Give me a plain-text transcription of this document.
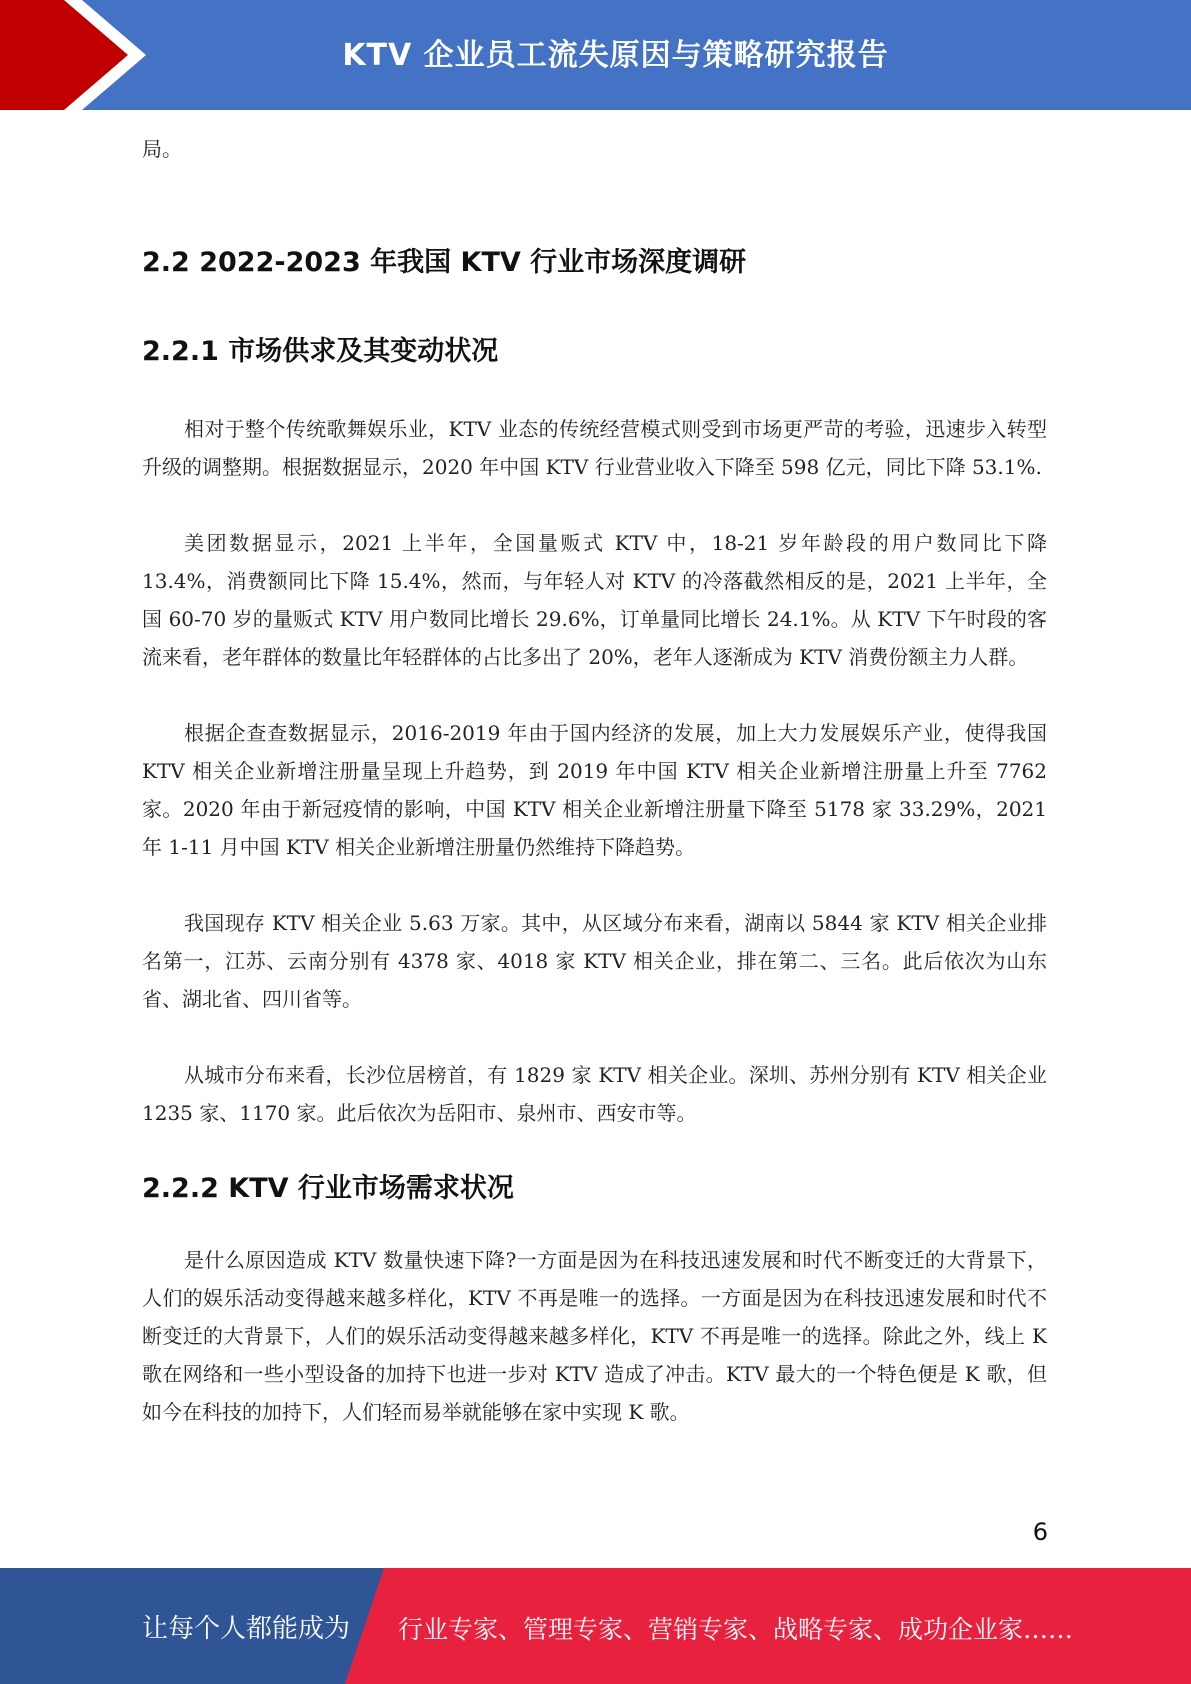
KTV 企业员工流失原因与策略研究报告

局。

2.2 2022-2023 年我国 KTV 行业市场深度调研
2.2.1 市场供求及其变动状况

相对于整个传统歌舞娱乐业，KTV 业态的传统经营模式则受到市场更严苛的考验，迅速步入转型升级的调整期。根据数据显示，2020 年中国 KTV 行业营业收入下降至 598 亿元，同比下降 53.1%.

美团数据显示，2021 上半年，全国量贩式 KTV 中，18-21 岁年龄段的用户数同比下降 13.4%，消费额同比下降 15.4%，然而，与年轻人对 KTV 的冷落截然相反的是，2021 上半年，全国 60-70 岁的量贩式 KTV 用户数同比增长 29.6%，订单量同比增长 24.1%。从 KTV 下午时段的客流来看，老年群体的数量比年轻群体的占比多出了 20%，老年人逐渐成为 KTV 消费份额主力人群。

根据企查查数据显示，2016-2019 年由于国内经济的发展，加上大力发展娱乐产业，使得我国 KTV 相关企业新增注册量呈现上升趋势，到 2019 年中国 KTV 相关企业新增注册量上升至 7762 家。2020 年由于新冠疫情的影响，中国 KTV 相关企业新增注册量下降至 5178 家 33.29%，2021 年 1-11 月中国 KTV 相关企业新增注册量仍然维持下降趋势。

我国现存 KTV 相关企业 5.63 万家。其中，从区域分布来看，湖南以 5844 家 KTV 相关企业排名第一，江苏、云南分别有 4378 家、4018 家 KTV 相关企业，排在第二、三名。此后依次为山东省、湖北省、四川省等。

从城市分布来看，长沙位居榜首，有 1829 家 KTV 相关企业。深圳、苏州分别有 KTV 相关企业 1235 家、1170 家。此后依次为岳阳市、泉州市、西安市等。

2.2.2 KTV 行业市场需求状况

是什么原因造成 KTV 数量快速下降?一方面是因为在科技迅速发展和时代不断变迁的大背景下，人们的娱乐活动变得越来越多样化，KTV 不再是唯一的选择。一方面是因为在科技迅速发展和时代不断变迁的大背景下，人们的娱乐活动变得越来越多样化，KTV 不再是唯一的选择。除此之外，线上 K 歌在网络和一些小型设备的加持下也进一步对 KTV 造成了冲击。KTV 最大的一个特色便是 K 歌，但如今在科技的加持下，人们轻而易举就能够在家中实现 K 歌。

6
让每个人都能成为 行业专家、管理专家、营销专家、战略专家、成功企业家……
